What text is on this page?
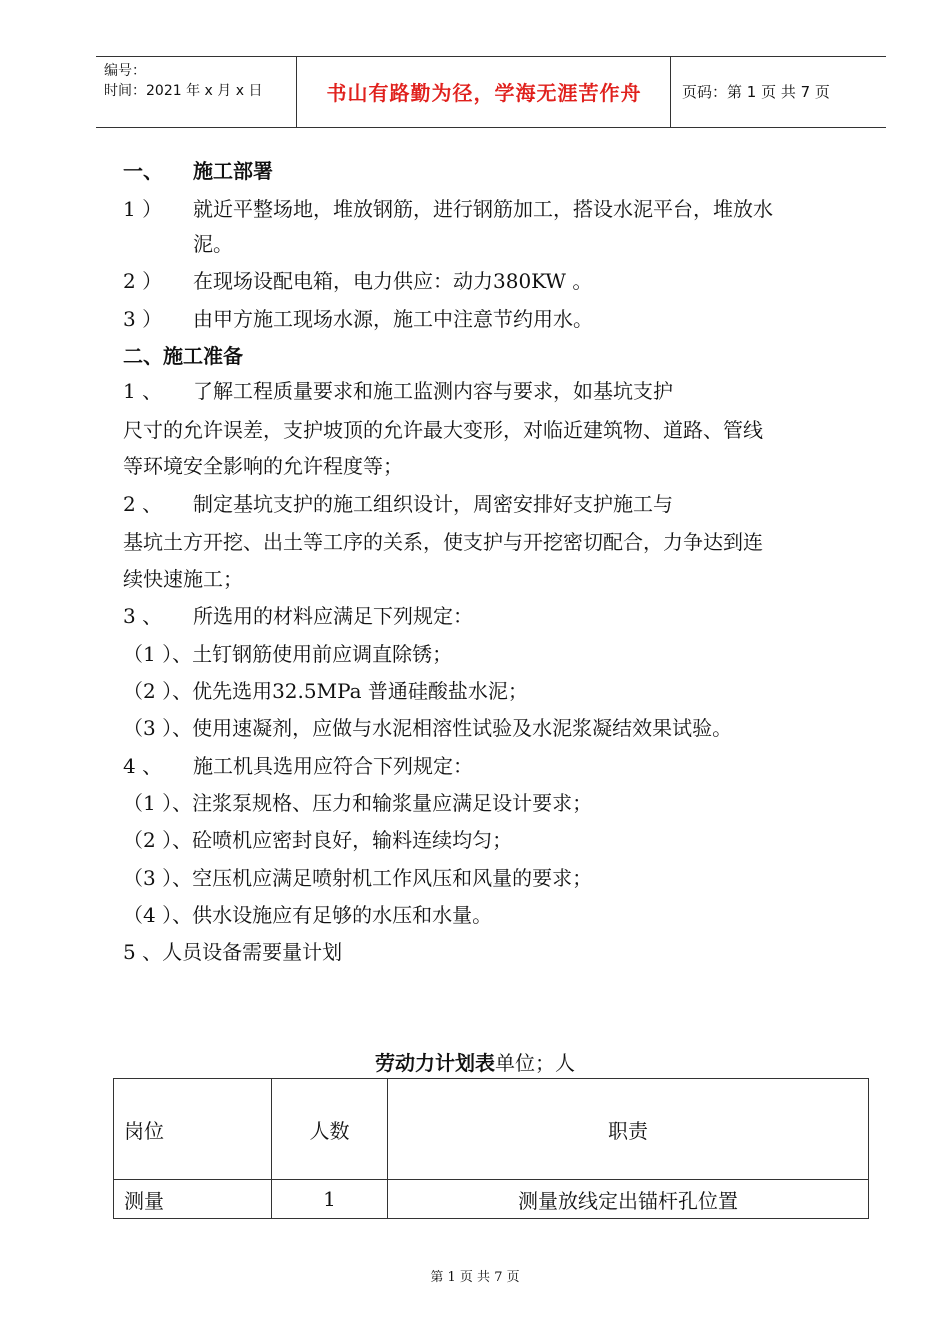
编号：
时间：2021 年 x 月 x 日	书山有路勤为径，学海无涯苦作舟	页码：第 1 页 共 7 页
一、 施工部署
1 ） 就近平整场地，堆放钢筋，进行钢筋加工，搭设水泥平台，堆放水
泥。
2 ） 在现场设配电箱，电力供应：动力380KW 。
3 ） 由甲方施工现场水源，施工中注意节约用水。
二、施工准备
1 、 了解工程质量要求和施工监测内容与要求，如基坑支护
尺寸的允许误差，支护坡顶的允许最大变形，对临近建筑物、道路、管线
等环境安全影响的允许程度等；
2 、 制定基坑支护的施工组织设计，周密安排好支护施工与
基坑土方开挖、出土等工序的关系，使支护与开挖密切配合，力争达到连
续快速施工；
3 、 所选用的材料应满足下列规定：
（1 ）、土钉钢筋使用前应调直除锈；
（2 ）、优先选用32.5MPa 普通硅酸盐水泥；
（3 ）、使用速凝剂，应做与水泥相溶性试验及水泥浆凝结效果试验。
4 、 施工机具选用应符合下列规定：
（1 ）、注浆泵规格、压力和输浆量应满足设计要求；
（2 ）、砼喷机应密封良好，输料连续均匀；
（3 ）、空压机应满足喷射机工作风压和风量的要求；
（4 ）、供水设施应有足够的水压和水量。
5 、人员设备需要量计划
劳动力计划表单位；人
岗位	人数	职责
测量	1	测量放线定出锚杆孔位置
第 1 页 共 7 页
